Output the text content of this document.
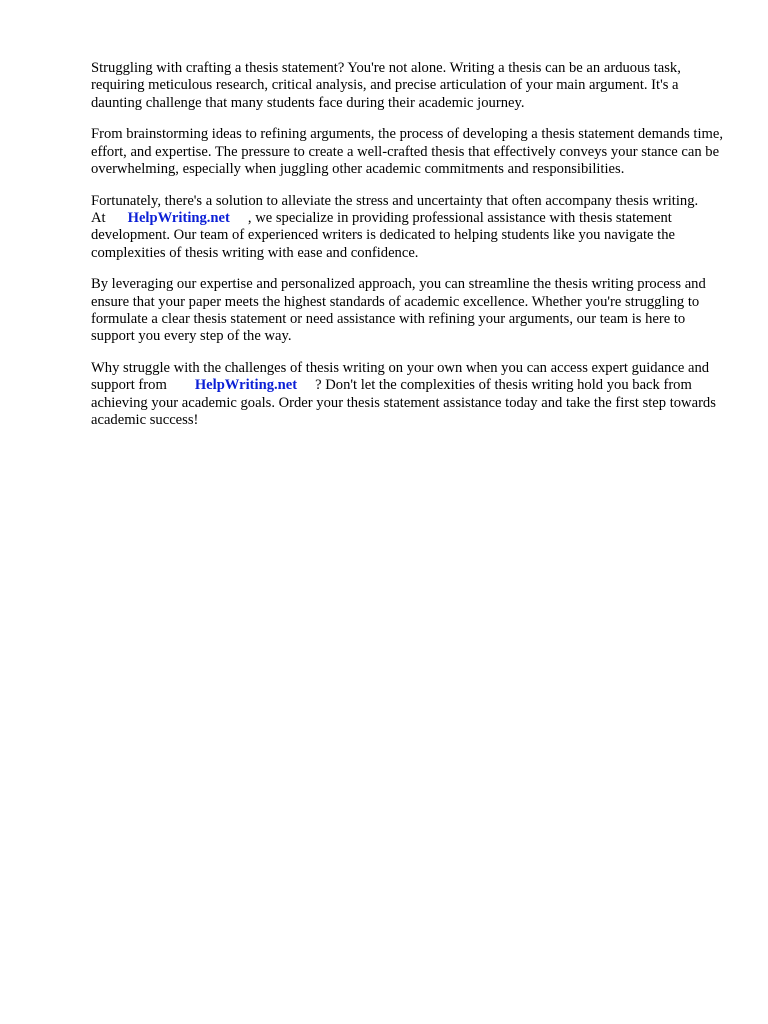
Struggling with crafting a thesis statement? You're not alone. Writing a thesis can be an arduous task, requiring meticulous research, critical analysis, and precise articulation of your main argument. It's a daunting challenge that many students face during their academic journey.

From brainstorming ideas to refining arguments, the process of developing a thesis statement demands time, effort, and expertise. The pressure to create a well-crafted thesis that effectively conveys your stance can be overwhelming, especially when juggling other academic commitments and responsibilities.

Fortunately, there's a solution to alleviate the stress and uncertainty that often accompany thesis writing. At HelpWriting.net , we specialize in providing professional assistance with thesis statement development. Our team of experienced writers is dedicated to helping students like you navigate the complexities of thesis writing with ease and confidence.

By leveraging our expertise and personalized approach, you can streamline the thesis writing process and ensure that your paper meets the highest standards of academic excellence. Whether you're struggling to formulate a clear thesis statement or need assistance with refining your arguments, our team is here to support you every step of the way.

Why struggle with the challenges of thesis writing on your own when you can access expert guidance and support from HelpWriting.net ? Don't let the complexities of thesis writing hold you back from achieving your academic goals. Order your thesis statement assistance today and take the first step towards academic success!
